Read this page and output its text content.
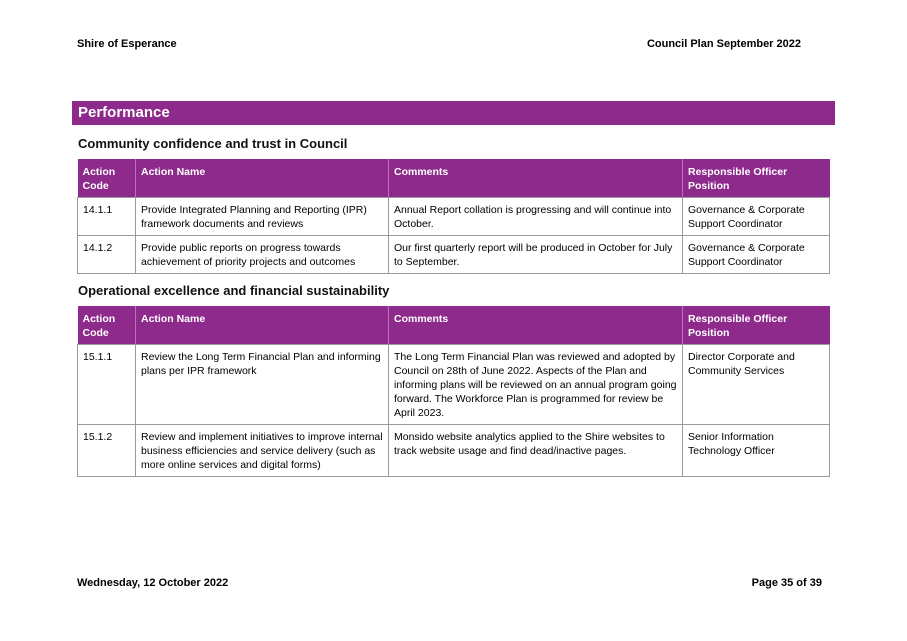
Shire of Esperance	Council Plan September 2022
Performance
Community confidence and trust in Council
Action Code	Action Name	Comments	Responsible Officer Position
14.1.1	Provide Integrated Planning and Reporting (IPR) framework documents and reviews	Annual Report collation is progressing and will continue into October.	Governance & Corporate Support Coordinator
14.1.2	Provide public reports on progress towards achievement of priority projects and outcomes	Our first quarterly report will be produced in October for July to September.	Governance & Corporate Support Coordinator
Operational excellence and financial sustainability
Action Code	Action Name	Comments	Responsible Officer Position
15.1.1	Review the Long Term Financial Plan and informing plans per IPR framework	The Long Term Financial Plan was reviewed and adopted by Council on 28th of June 2022. Aspects of the Plan and informing plans will be reviewed on an annual program going forward. The Workforce Plan is programmed for review be April 2023.	Director Corporate and Community Services
15.1.2	Review and implement initiatives to improve internal business efficiencies and service delivery (such as more online services and digital forms)	Monsido website analytics applied to the Shire websites to track website usage and find dead/inactive pages.	Senior Information Technology Officer
Wednesday, 12 October 2022	Page 35 of 39
